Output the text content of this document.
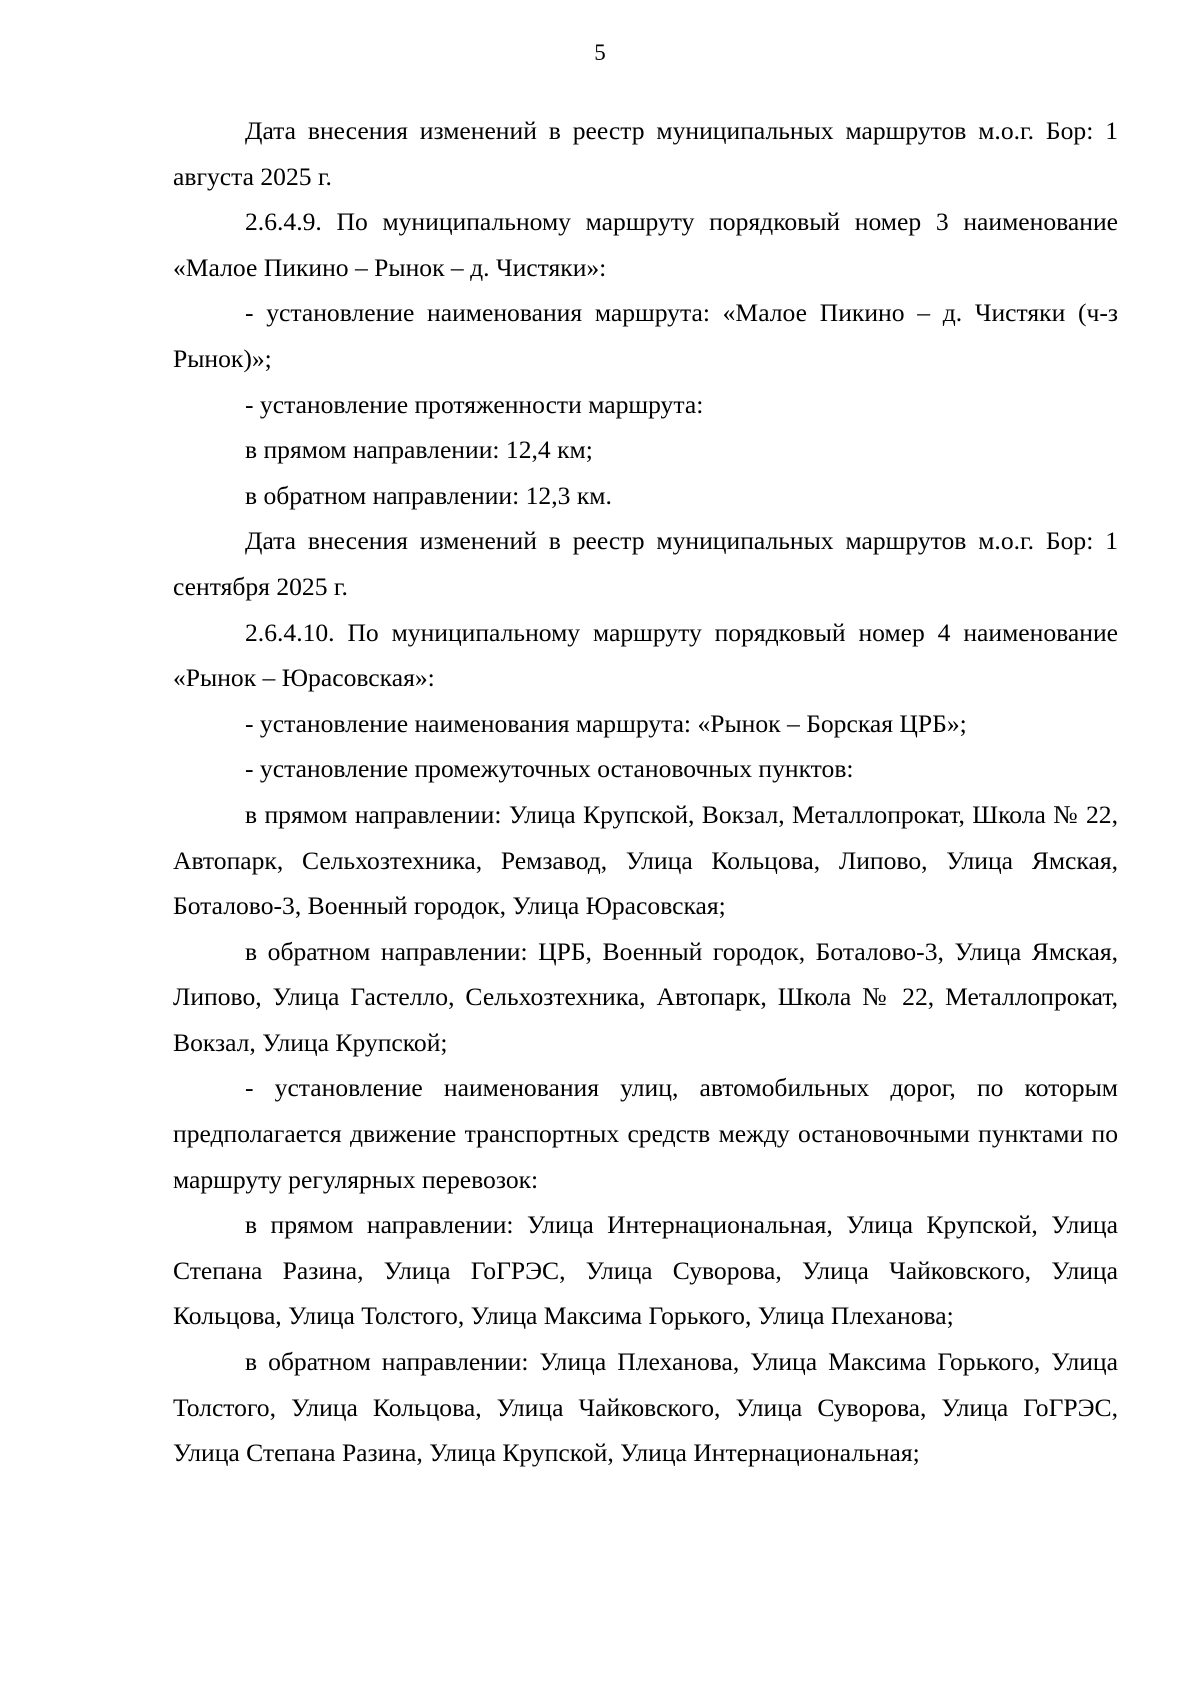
5

Дата внесения изменений в реестр муниципальных маршрутов м.о.г. Бор: 1 августа 2025 г.

2.6.4.9. По муниципальному маршруту порядковый номер 3 наименование «Малое Пикино – Рынок – д. Чистяки»:

- установление наименования маршрута: «Малое Пикино – д. Чистяки (ч-з Рынок)»;

- установление протяженности маршрута:

в прямом направлении: 12,4 км;

в обратном направлении: 12,3 км.

Дата внесения изменений в реестр муниципальных маршрутов м.о.г. Бор: 1 сентября 2025 г.

2.6.4.10. По муниципальному маршруту порядковый номер 4 наименование «Рынок – Юрасовская»:

- установление наименования маршрута: «Рынок – Борская ЦРБ»;

- установление промежуточных остановочных пунктов:

в прямом направлении: Улица Крупской, Вокзал, Металлопрокат, Школа № 22, Автопарк, Сельхозтехника, Ремзавод, Улица Кольцова, Липово, Улица Ямская, Боталово-3, Военный городок, Улица Юрасовская;

в обратном направлении: ЦРБ, Военный городок, Боталово-3, Улица Ямская, Липово, Улица Гастелло, Сельхозтехника, Автопарк, Школа № 22, Металлопрокат, Вокзал, Улица Крупской;

- установление наименования улиц, автомобильных дорог, по которым предполагается движение транспортных средств между остановочными пунктами по маршруту регулярных перевозок:

в прямом направлении: Улица Интернациональная, Улица Крупской, Улица Степана Разина, Улица ГоГРЭС, Улица Суворова, Улица Чайковского, Улица Кольцова, Улица Толстого, Улица Максима Горького, Улица Плеханова;

в обратном направлении: Улица Плеханова, Улица Максима Горького, Улица Толстого, Улица Кольцова, Улица Чайковского, Улица Суворова, Улица ГоГРЭС, Улица Степана Разина, Улица Крупской, Улица Интернациональная;
